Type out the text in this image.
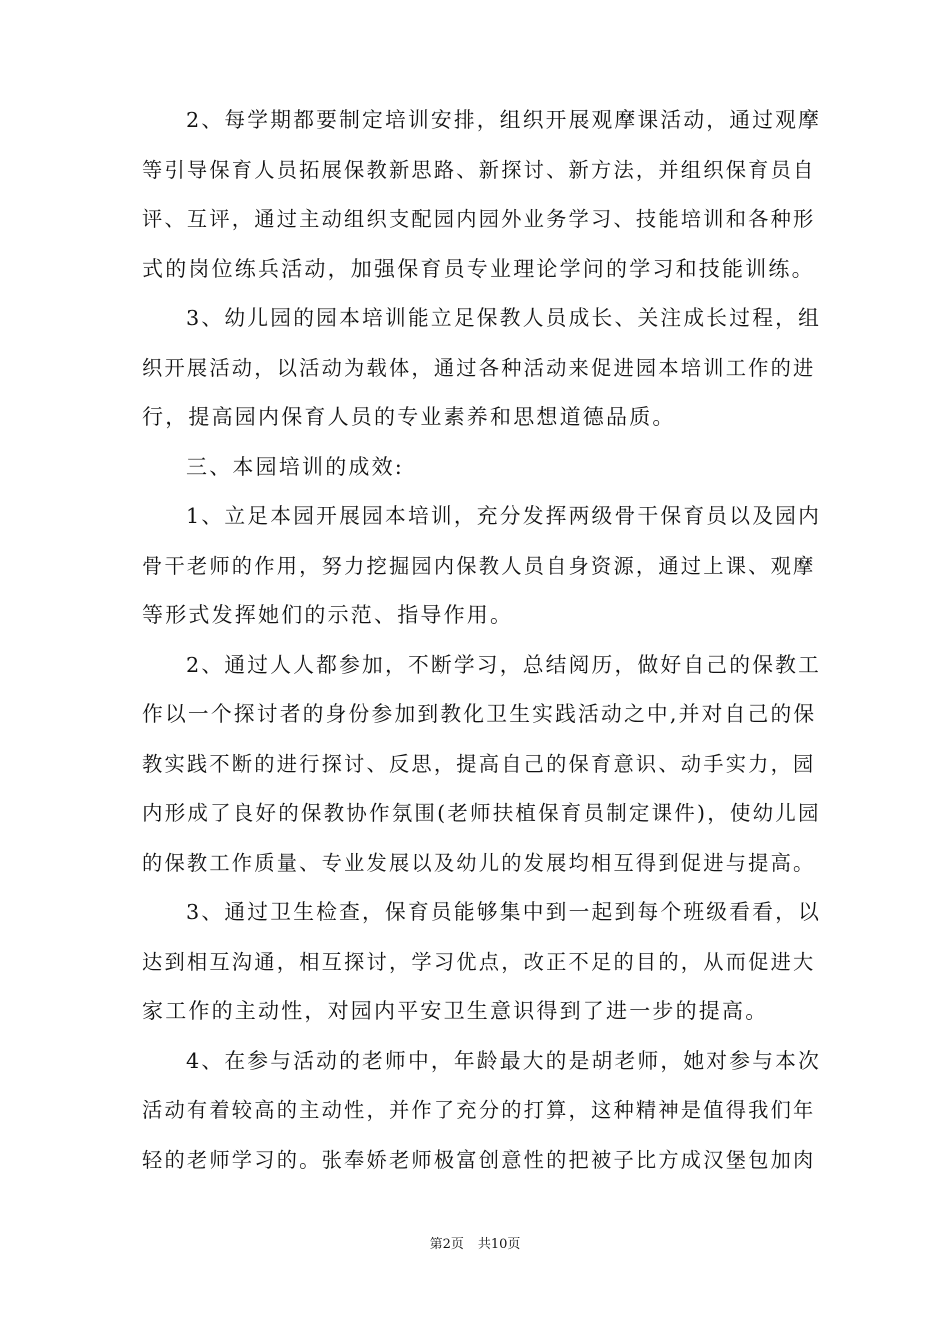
2、每学期都要制定培训安排，组织开展观摩课活动，通过观摩
等引导保育人员拓展保教新思路、新探讨、新方法，并组织保育员自
评、互评，通过主动组织支配园内园外业务学习、技能培训和各种形
式的岗位练兵活动，加强保育员专业理论学问的学习和技能训练。
3、幼儿园的园本培训能立足保教人员成长、关注成长过程，组
织开展活动，以活动为载体，通过各种活动来促进园本培训工作的进
行，提高园内保育人员的专业素养和思想道德品质。
三、本园培训的成效:
1、立足本园开展园本培训，充分发挥两级骨干保育员以及园内
骨干老师的作用，努力挖掘园内保教人员自身资源，通过上课、观摩
等形式发挥她们的示范、指导作用。
2、通过人人都参加，不断学习，总结阅历，做好自己的保教工
作以一个探讨者的身份参加到教化卫生实践活动之中,并对自己的保
教实践不断的进行探讨、反思，提高自己的保育意识、动手实力，园
内形成了良好的保教协作氛围(老师扶植保育员制定课件)，使幼儿园
的保教工作质量、专业发展以及幼儿的发展均相互得到促进与提高。
3、通过卫生检查，保育员能够集中到一起到每个班级看看，以
达到相互沟通，相互探讨，学习优点，改正不足的目的，从而促进大
家工作的主动性，对园内平安卫生意识得到了进一步的提高。
4、在参与活动的老师中，年龄最大的是胡老师，她对参与本次
活动有着较高的主动性，并作了充分的打算，这种精神是值得我们年
轻的老师学习的。张奉娇老师极富创意性的把被子比方成汉堡包加肉
第2页 共10页
